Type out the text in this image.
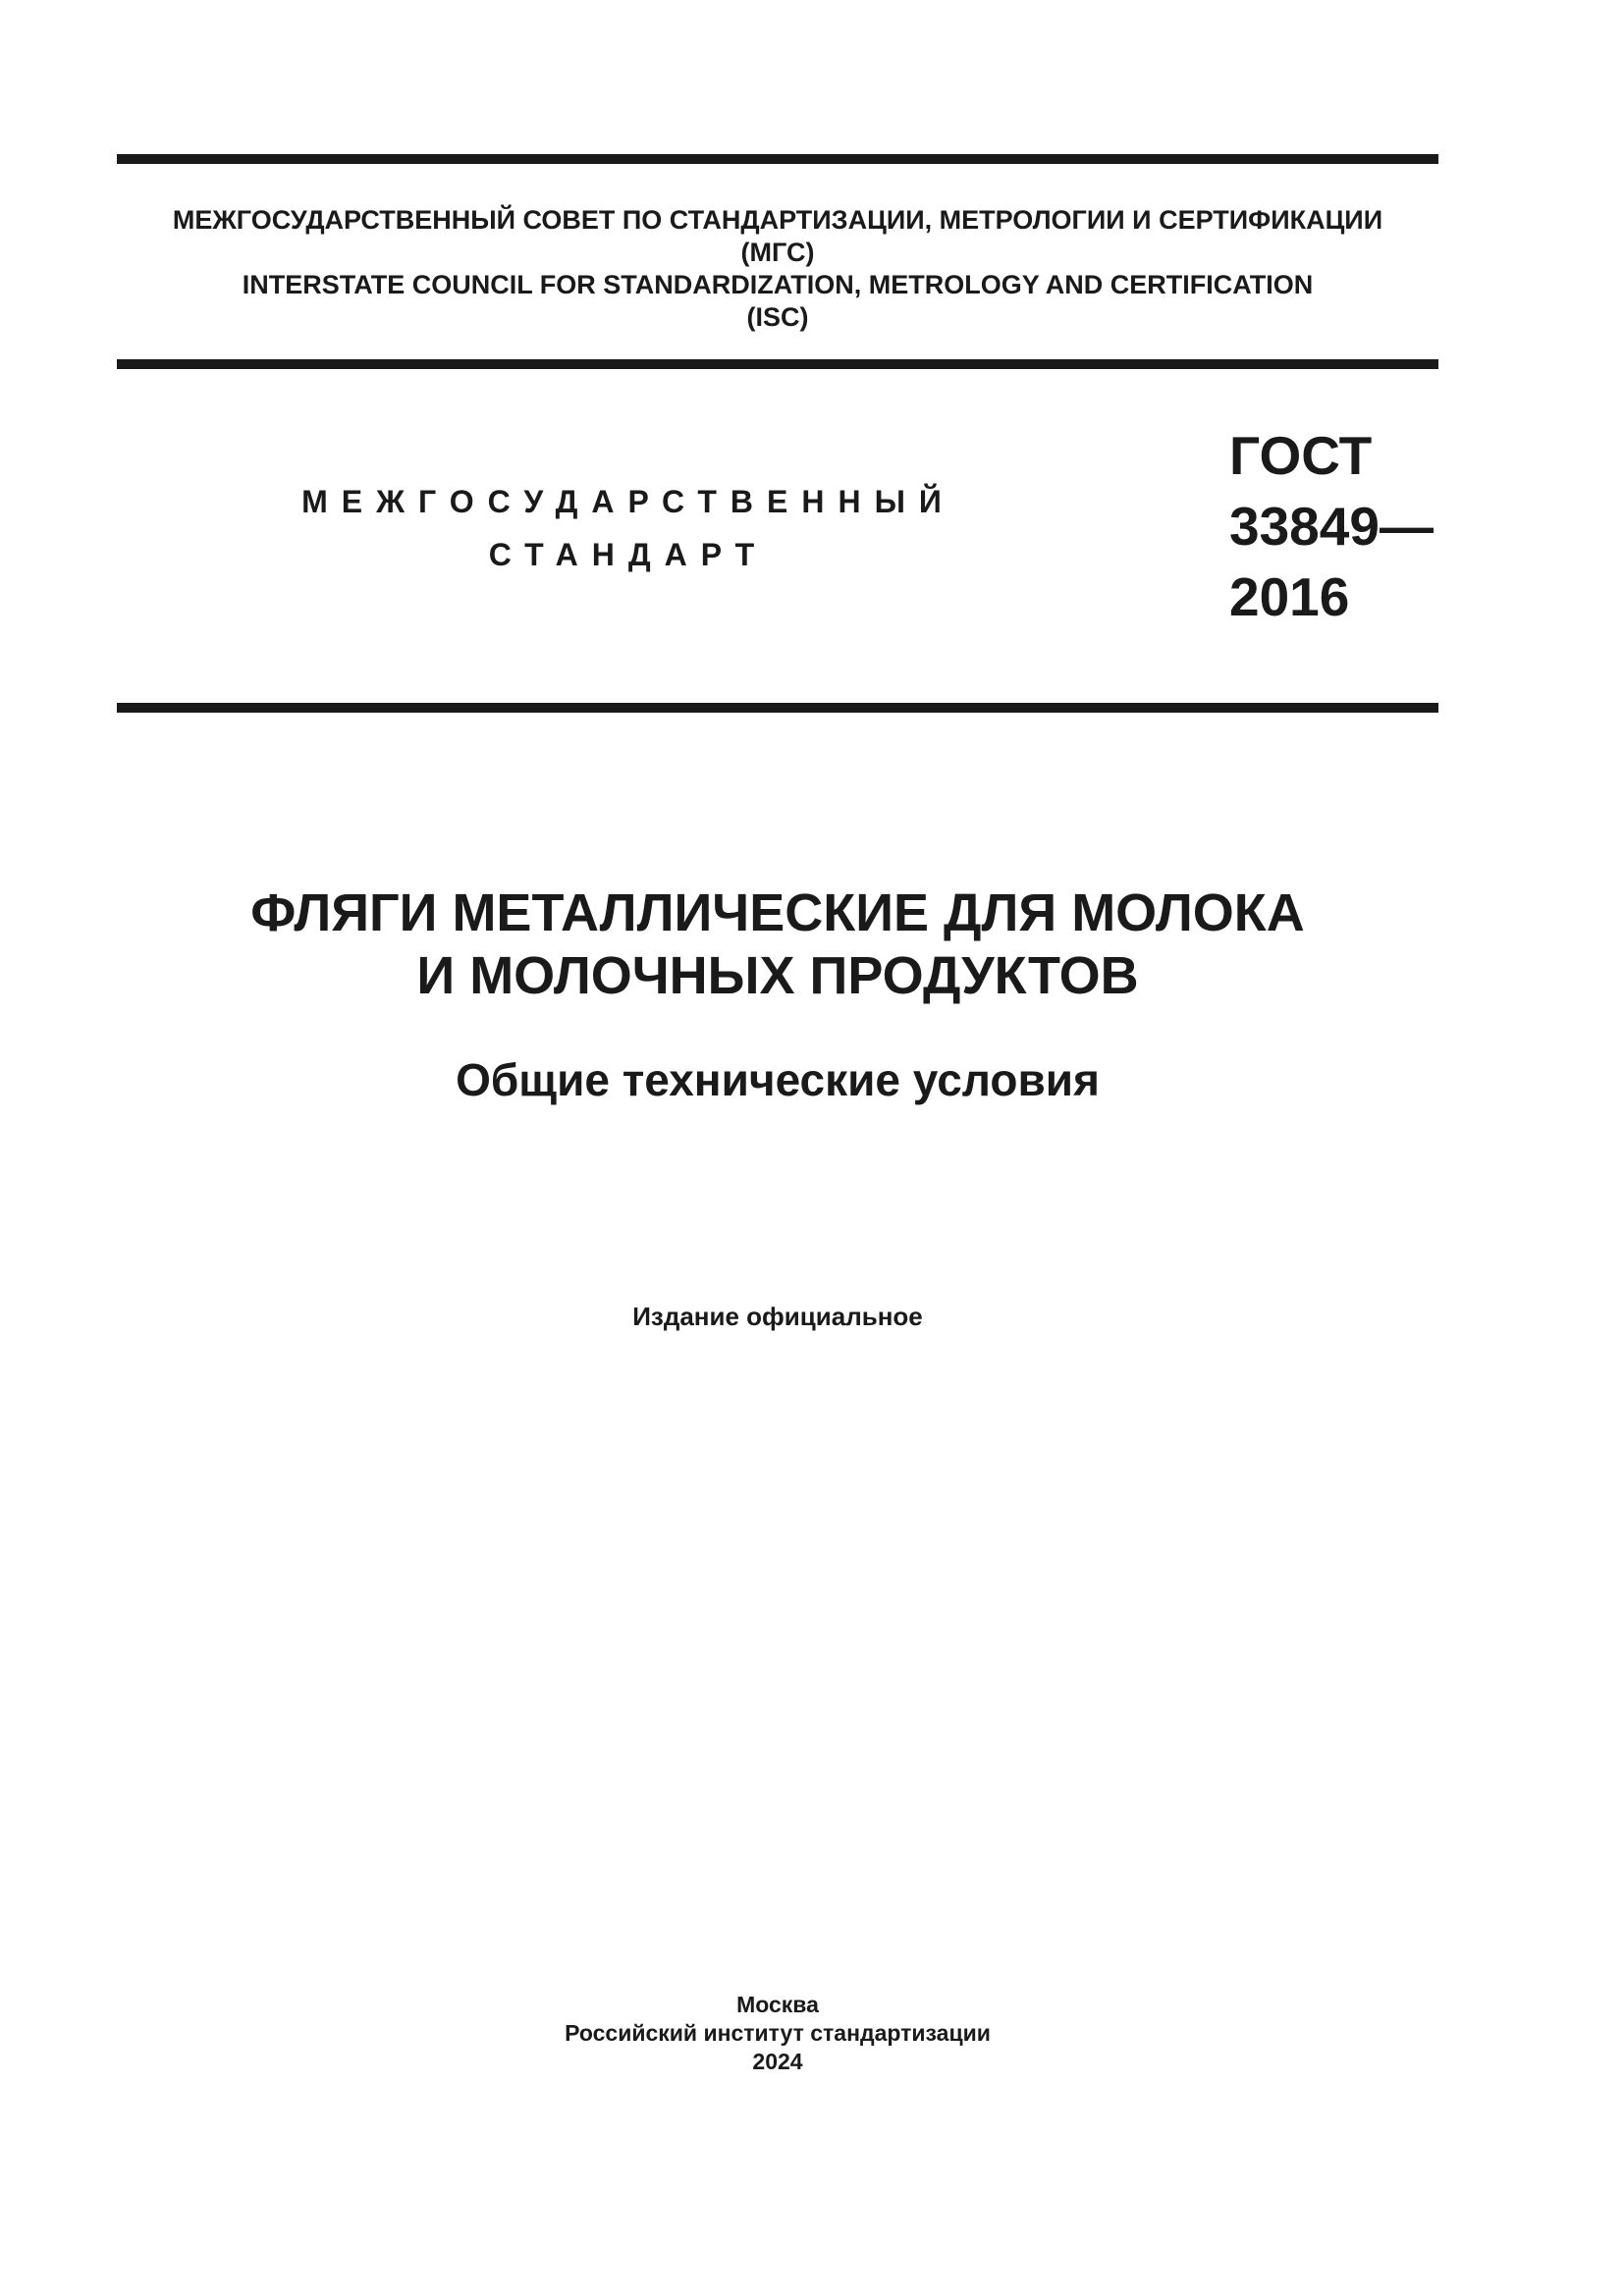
МЕЖГОСУДАРСТВЕННЫЙ СОВЕТ ПО СТАНДАРТИЗАЦИИ, МЕТРОЛОГИИ И СЕРТИФИКАЦИИ
(МГС)
INTERSTATE COUNCIL FOR STANDARDIZATION, METROLOGY AND CERTIFICATION
(ISC)
МЕЖГОСУДАРСТВЕННЫЙ
СТАНДАРТ
ГОСТ
33849—
2016
ФЛЯГИ МЕТАЛЛИЧЕСКИЕ ДЛЯ МОЛОКА
И МОЛОЧНЫХ ПРОДУКТОВ
Общие технические условия
Издание официальное
Москва
Российский институт стандартизации
2024
